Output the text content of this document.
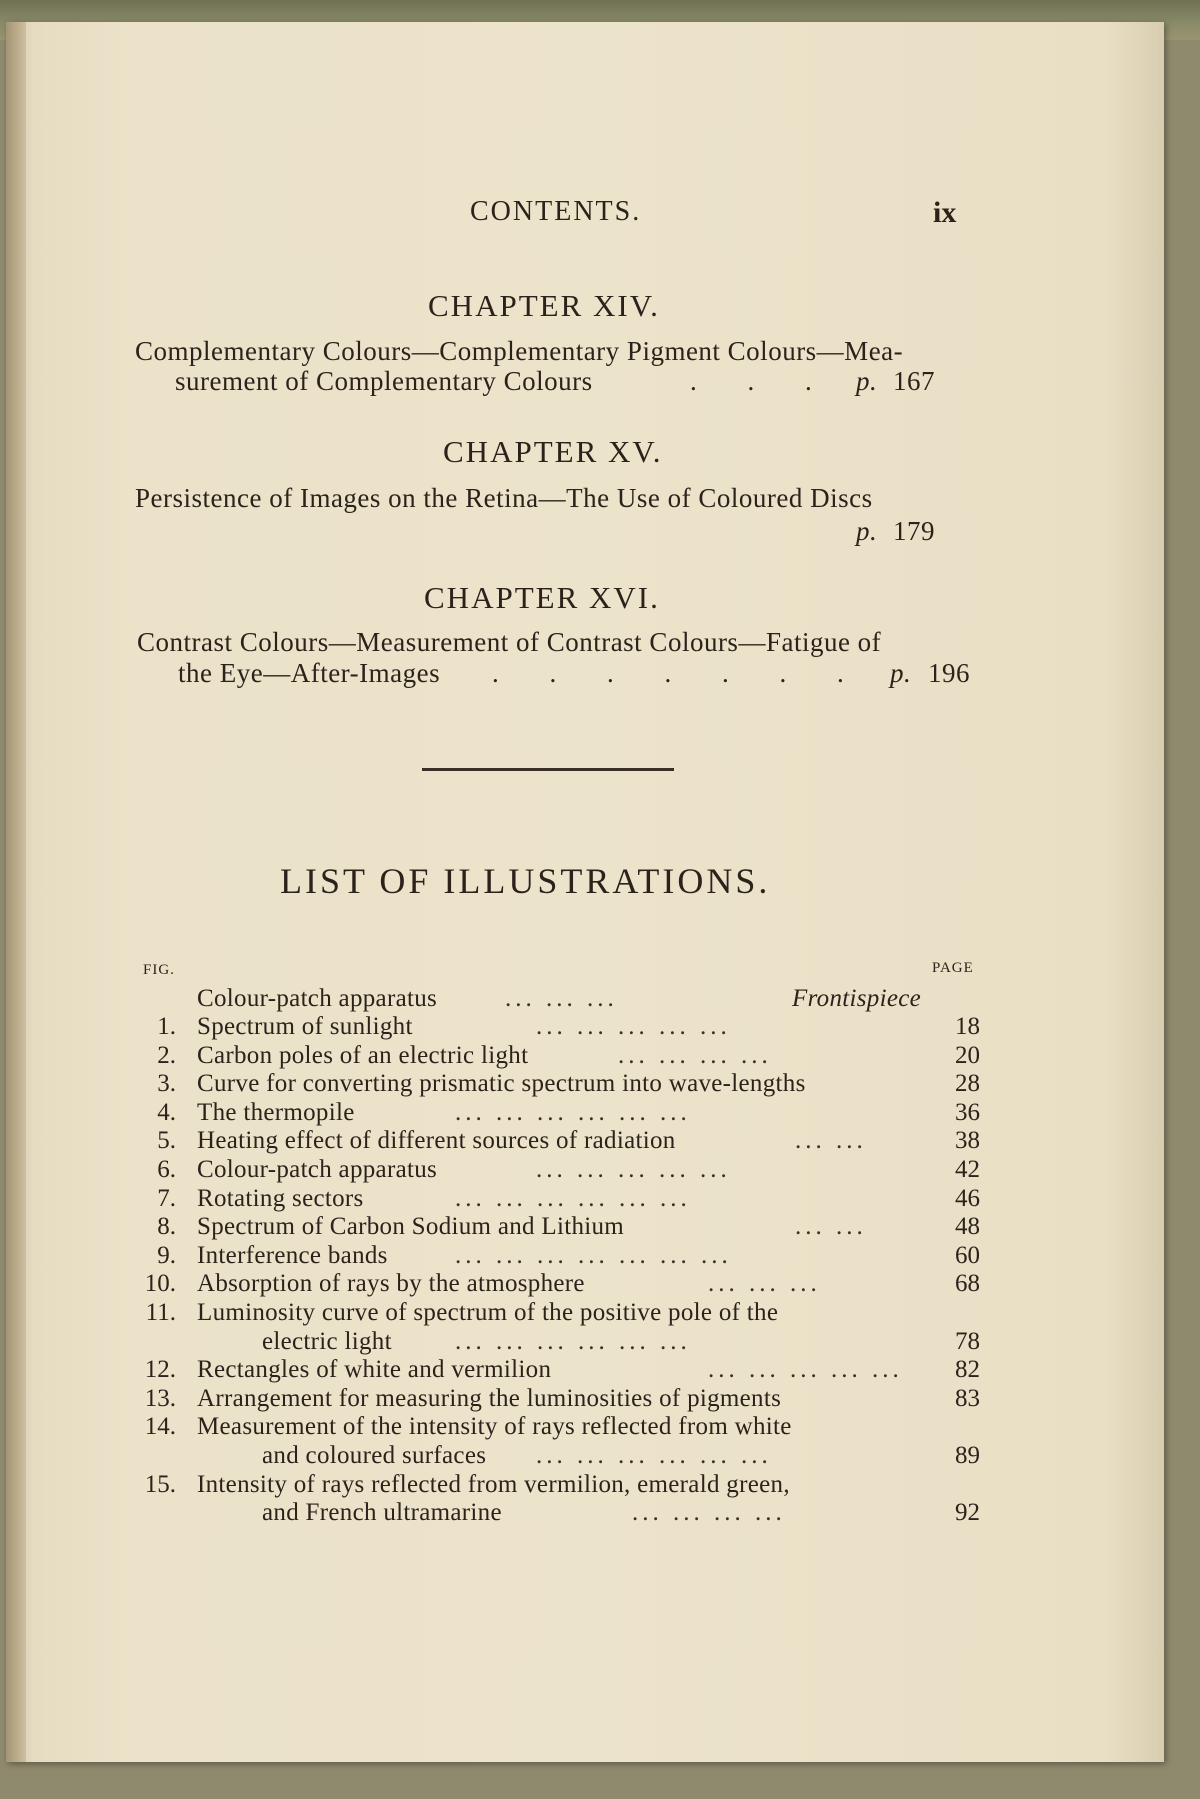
CONTENTS.	ix
CHAPTER XIV.
Complementary Colours—Complementary Pigment Colours—Mea-
surement of Complementary Colours	. . . p. 167
CHAPTER XV.
Persistence of Images on the Retina—The Use of Coloured Discs
p. 179
CHAPTER XVI.
Contrast Colours—Measurement of Contrast Colours—Fatigue of
the Eye—After-Images . . . . . . . p. 196
LIST OF ILLUSTRATIONS.
FIG.	PAGE
Colour-patch apparatus	... ... ...	Frontispiece
1. Spectrum of sunlight	... ... ... ... ...	18
2. Carbon poles of an electric light	... ... ... ...	20
3. Curve for converting prismatic spectrum into wave-lengths	28
4. The thermopile	... ... ... ... ... ...	36
5. Heating effect of different sources of radiation	... ...	38
6. Colour-patch apparatus	... ... ... ... ...	42
7. Rotating sectors	... ... ... ... ... ...	46
8. Spectrum of Carbon Sodium and Lithium	... ...	48
9. Interference bands	... ... ... ... ... ... ...	60
10. Absorption of rays by the atmosphere	... ... ...	68
11. Luminosity curve of spectrum of the positive pole of the
electric light	... ... ... ... ... ...	78
12. Rectangles of white and vermilion	... ... ... ... ...	82
13. Arrangement for measuring the luminosities of pigments	83
14. Measurement of the intensity of rays reflected from white
and coloured surfaces ... ... ... ... ... ...	89
15. Intensity of rays reflected from vermilion, emerald green,
and French ultramarine	... ... ... ...	92
